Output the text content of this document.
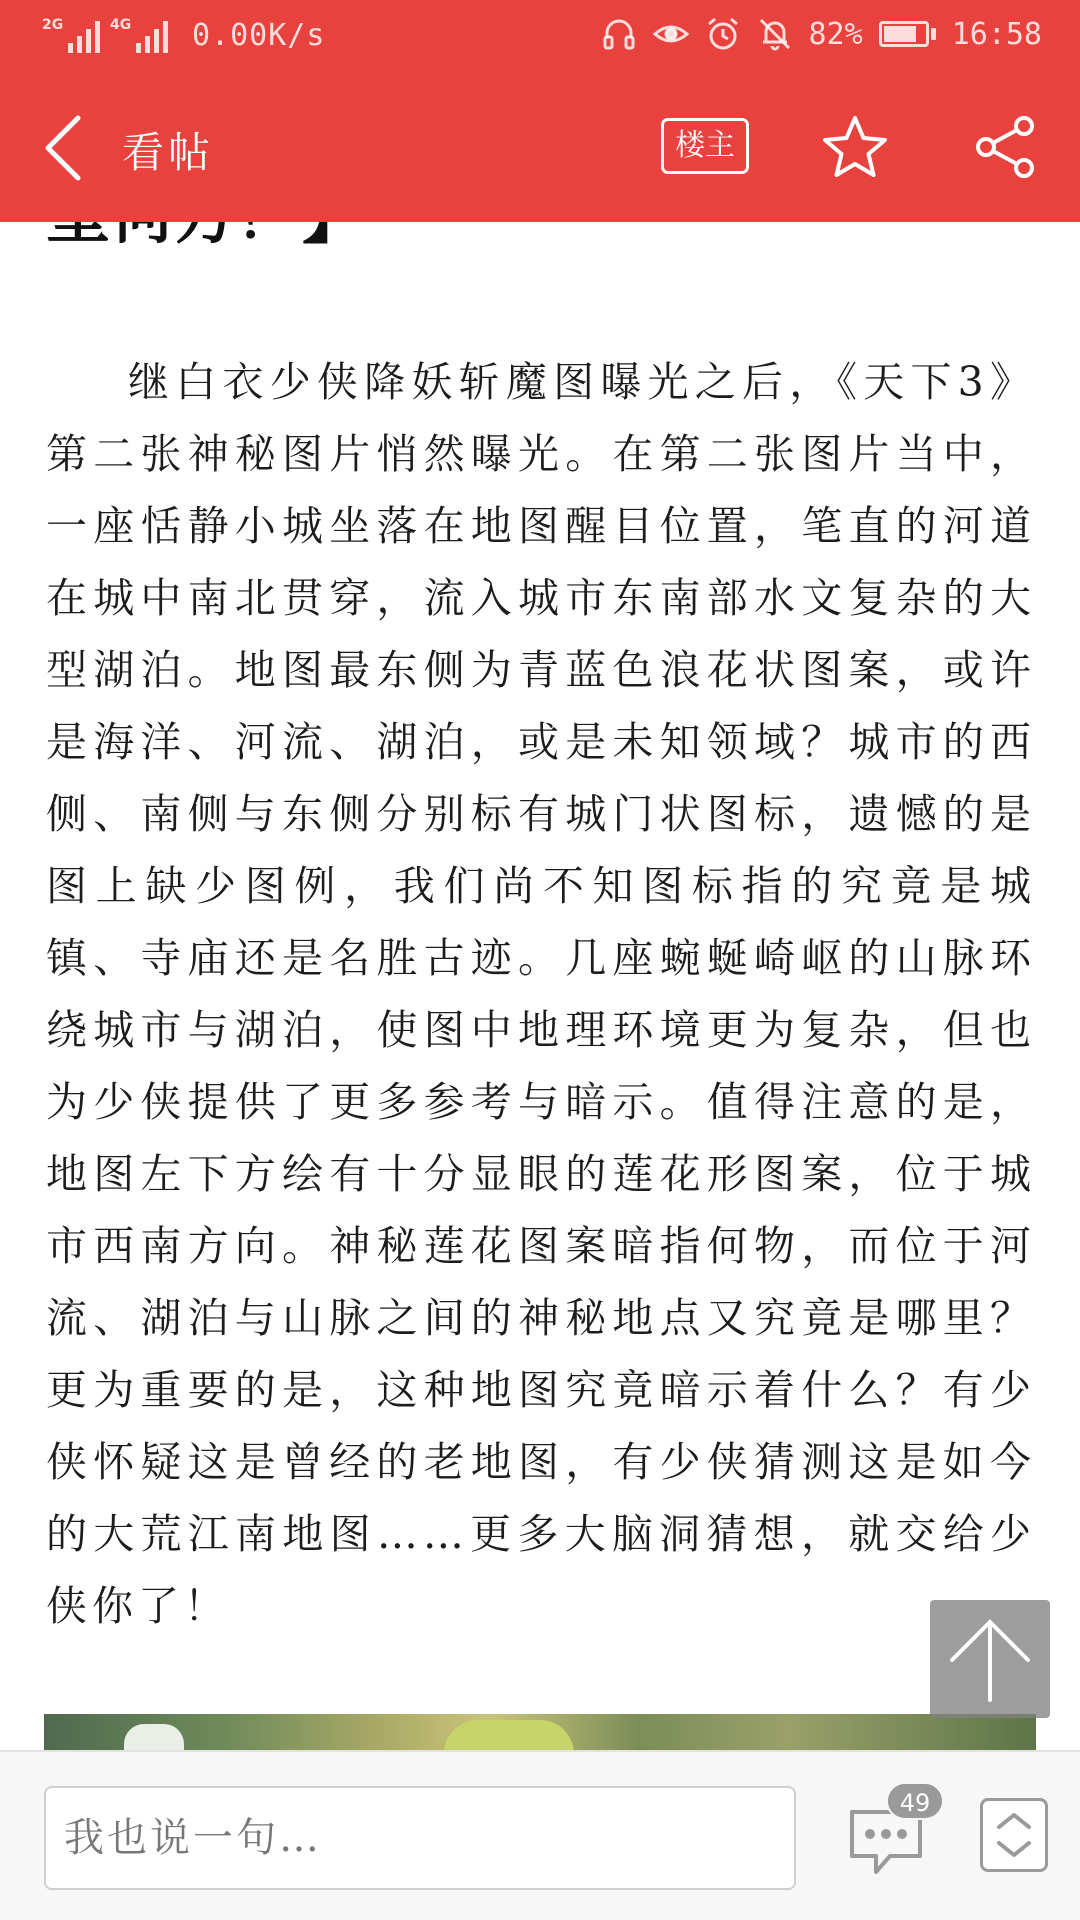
2G	4G 0.00K/s	82%	16:58
看帖	楼主

继白衣少侠降妖斩魔图曝光之后，《天下3》第二张神秘图片悄然曝光。在第二张图片当中，一座恬静小城坐落在地图醒目位置，笔直的河道在城中南北贯穿，流入城市东南部水文复杂的大型湖泊。地图最东侧为青蓝色浪花状图案，或许是海洋、河流、湖泊，或是未知领域？城市的西侧、南侧与东侧分别标有城门状图标，遗憾的是图上缺少图例，我们尚不知图标指的究竟是城镇、寺庙还是名胜古迹。几座蜿蜒崎岖的山脉环绕城市与湖泊，使图中地理环境更为复杂，但也为少侠提供了更多参考与暗示。值得注意的是，地图左下方绘有十分显眼的莲花形图案，位于城市西南方向。神秘莲花图案暗指何物，而位于河流、湖泊与山脉之间的神秘地点又究竟是哪里？更为重要的是，这种地图究竟暗示着什么？有少侠怀疑这是曾经的老地图，有少侠猜测这是如今的大荒江南地图……更多大脑洞猜想，就交给少侠你了！

我也说一句…
49
